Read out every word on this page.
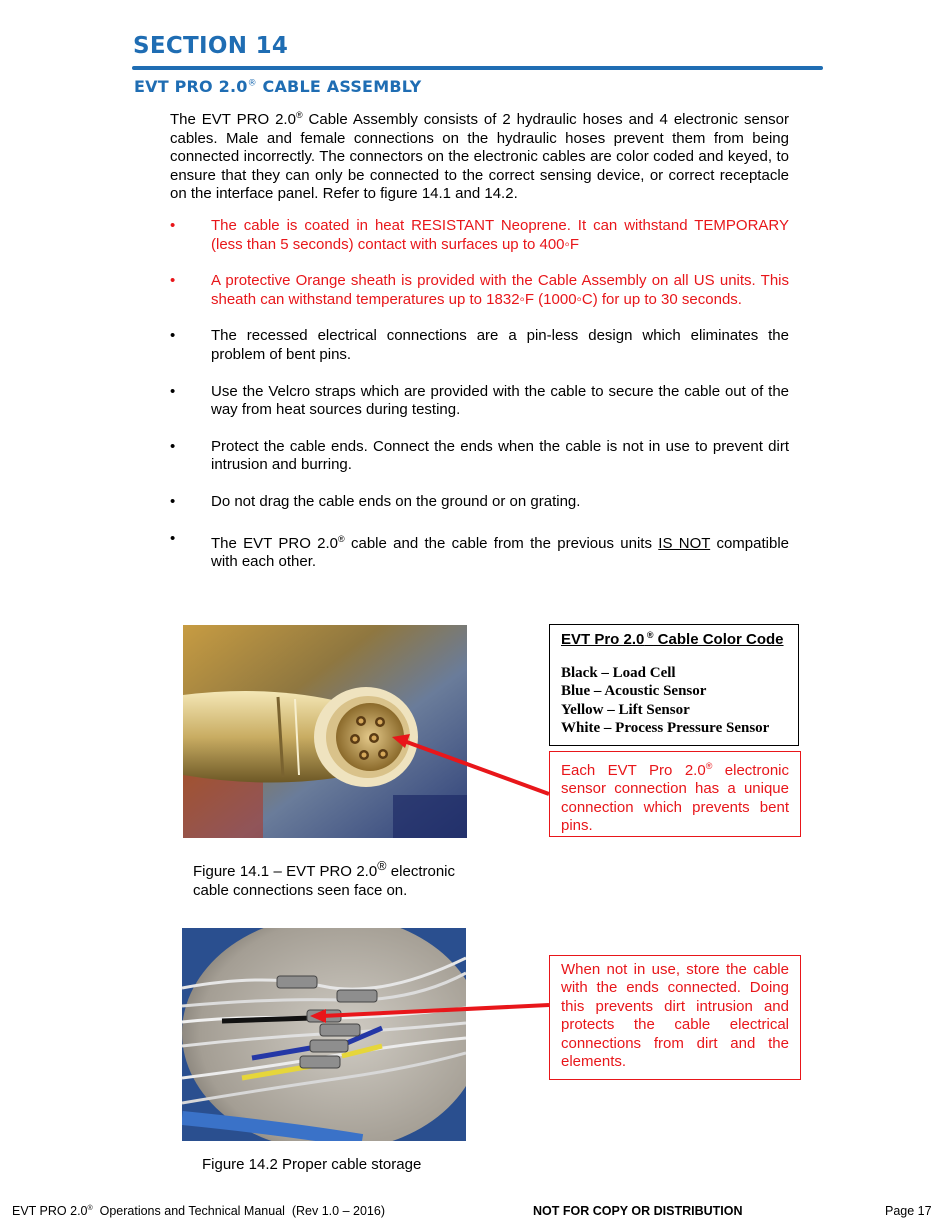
SECTION 14
EVT PRO 2.0® CABLE ASSEMBLY

The EVT PRO 2.0® Cable Assembly consists of 2 hydraulic hoses and 4 electronic sensor cables. Male and female connections on the hydraulic hoses prevent them from being connected incorrectly. The connectors on the electronic cables are color coded and keyed, to ensure that they can only be connected to the correct sensing device, or correct receptacle on the interface panel. Refer to figure 14.1 and 14.2.

• The cable is coated in heat RESISTANT Neoprene. It can withstand TEMPORARY (less than 5 seconds) contact with surfaces up to 400◦F
• A protective Orange sheath is provided with the Cable Assembly on all US units. This sheath can withstand temperatures up to 1832◦F (1000◦C) for up to 30 seconds.
• The recessed electrical connections are a pin-less design which eliminates the problem of bent pins.
• Use the Velcro straps which are provided with the cable to secure the cable out of the way from heat sources during testing.
• Protect the cable ends. Connect the ends when the cable is not in use to prevent dirt intrusion and burring.
• Do not drag the cable ends on the ground or on grating.
• The EVT PRO 2.0® cable and the cable from the previous units IS NOT compatible with each other.

Figure 14.1 – EVT PRO 2.0® electronic cable connections seen face on.

Figure 14.2 Proper cable storage

EVT Pro 2.0 ® Cable Color Code

Black – Load Cell

Blue – Acoustic Sensor

Yellow – Lift Sensor

White – Process Pressure Sensor

Each EVT Pro 2.0® electronic sensor connection has a unique connection which prevents bent pins.

When not in use, store the cable with the ends connected. Doing this prevents dirt intrusion and protects the cable electrical connections from dirt and the elements.

EVT PRO 2.0®  Operations and Technical Manual  (Rev 1.0 – 2016)	NOT FOR COPY OR DISTRIBUTION	Page 17
